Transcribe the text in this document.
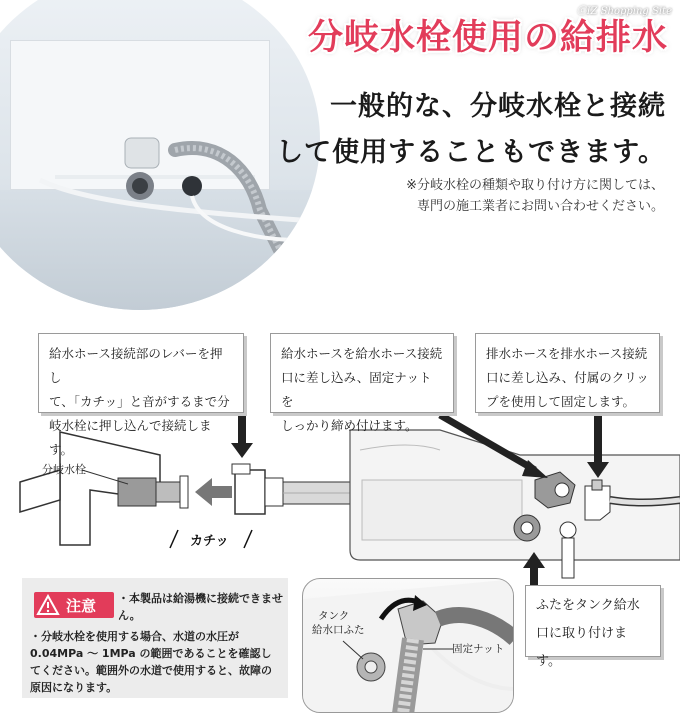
ⓒIZ Shopping Site
分岐水栓使用の給排水
一般的な、分岐水栓と接続
して使用することもできます。
※分岐水栓の種類や取り付け方に関しては、
専門の施工業者にお問い合わせください。
分岐水栓
カチッ
給水ホース接続部のレバーを押し
て、「カチッ」と音がするまで分
岐水栓に押し込んで接続します。
給水ホースを給水ホース接続
口に差し込み、固定ナットを
しっかり締め付けます。
排水ホースを排水ホース接続
口に差し込み、付属のクリッ
プを使用して固定します。
ふたをタンク給水
口に取り付けます。
注意 ・本製品は給湯機に接続できません。
・分岐水栓を使用する場合、水道の水圧が0.04MPa ～ 1MPa の範囲であることを確認してください。範囲外の水道で使用すると、故障の原因になります。
タンク
給水口ふた
固定ナット
